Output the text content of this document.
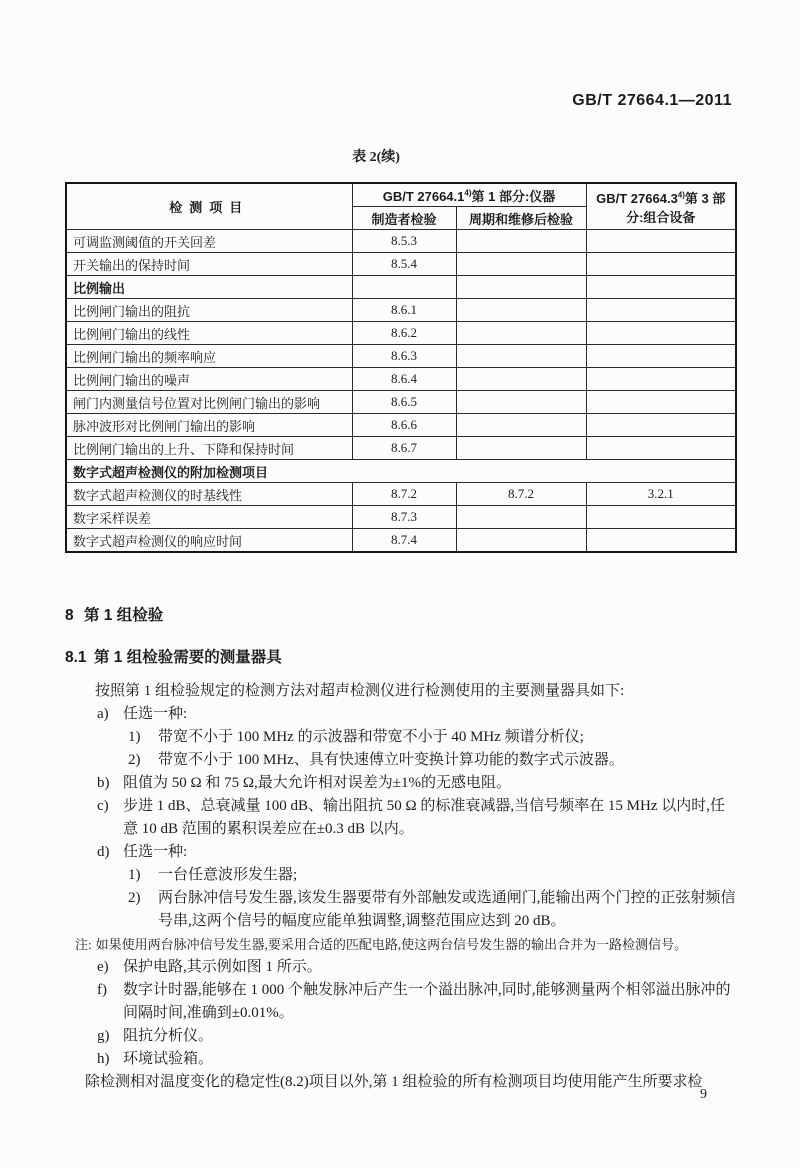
GB/T 27664.1—2011
表 2(续)
检测项目	GB/T 27664.1$^{4)}$第 1 部分:仪器		GB/T 27664.3$^{4)}$第 3 部分:组合设备
	制造者检验	周期和维修后检验	
可调监测阈值的开关回差	8.5.3		
开关输出的保持时间	8.5.4		
比例输出			
比例闸门输出的阻抗	8.6.1		
比例闸门输出的线性	8.6.2		
比例闸门输出的频率响应	8.6.3		
比例闸门输出的噪声	8.6.4		
闸门内测量信号位置对比例闸门输出的影响	8.6.5		
脉冲波形对比例闸门输出的影响	8.6.6		
比例闸门输出的上升、下降和保持时间	8.6.7		
数字式超声检测仪的附加检测项目			
数字式超声检测仪的时基线性	8.7.2	8.7.2	3.2.1
数字采样误差	8.7.3		
数字式超声检测仪的响应时间	8.7.4		
8 第 1 组检验
8.1 第 1 组检验需要的测量器具
按照第 1 组检验规定的检测方法对超声检测仪进行检测使用的主要测量器具如下:
a) 任选一种:
1) 带宽不小于 100 MHz 的示波器和带宽不小于 40 MHz 频谱分析仪;
2) 带宽不小于 100 MHz、具有快速傅立叶变换计算功能的数字式示波器。
b) 阻值为 50 Ω 和 75 Ω,最大允许相对误差为±1%的无感电阻。
c) 步进 1 dB、总衰减量 100 dB、输出阻抗 50 Ω 的标准衰减器,当信号频率在 15 MHz 以内时,任意 10 dB 范围的累积误差应在±0.3 dB 以内。
d) 任选一种:
1) 一台任意波形发生器;
2) 两台脉冲信号发生器,该发生器要带有外部触发或选通闸门,能输出两个门控的正弦射频信号串,这两个信号的幅度应能单独调整,调整范围应达到 20 dB。
注: 如果使用两台脉冲信号发生器,要采用合适的匹配电路,使这两台信号发生器的输出合并为一路检测信号。
e) 保护电路,其示例如图 1 所示。
f) 数字计时器,能够在 1 000 个触发脉冲后产生一个溢出脉冲,同时,能够测量两个相邻溢出脉冲的间隔时间,准确到±0.01%。
g) 阻抗分析仪。
h) 环境试验箱。
除检测相对温度变化的稳定性(8.2)项目以外,第 1 组检验的所有检测项目均使用能产生所要求检
9
